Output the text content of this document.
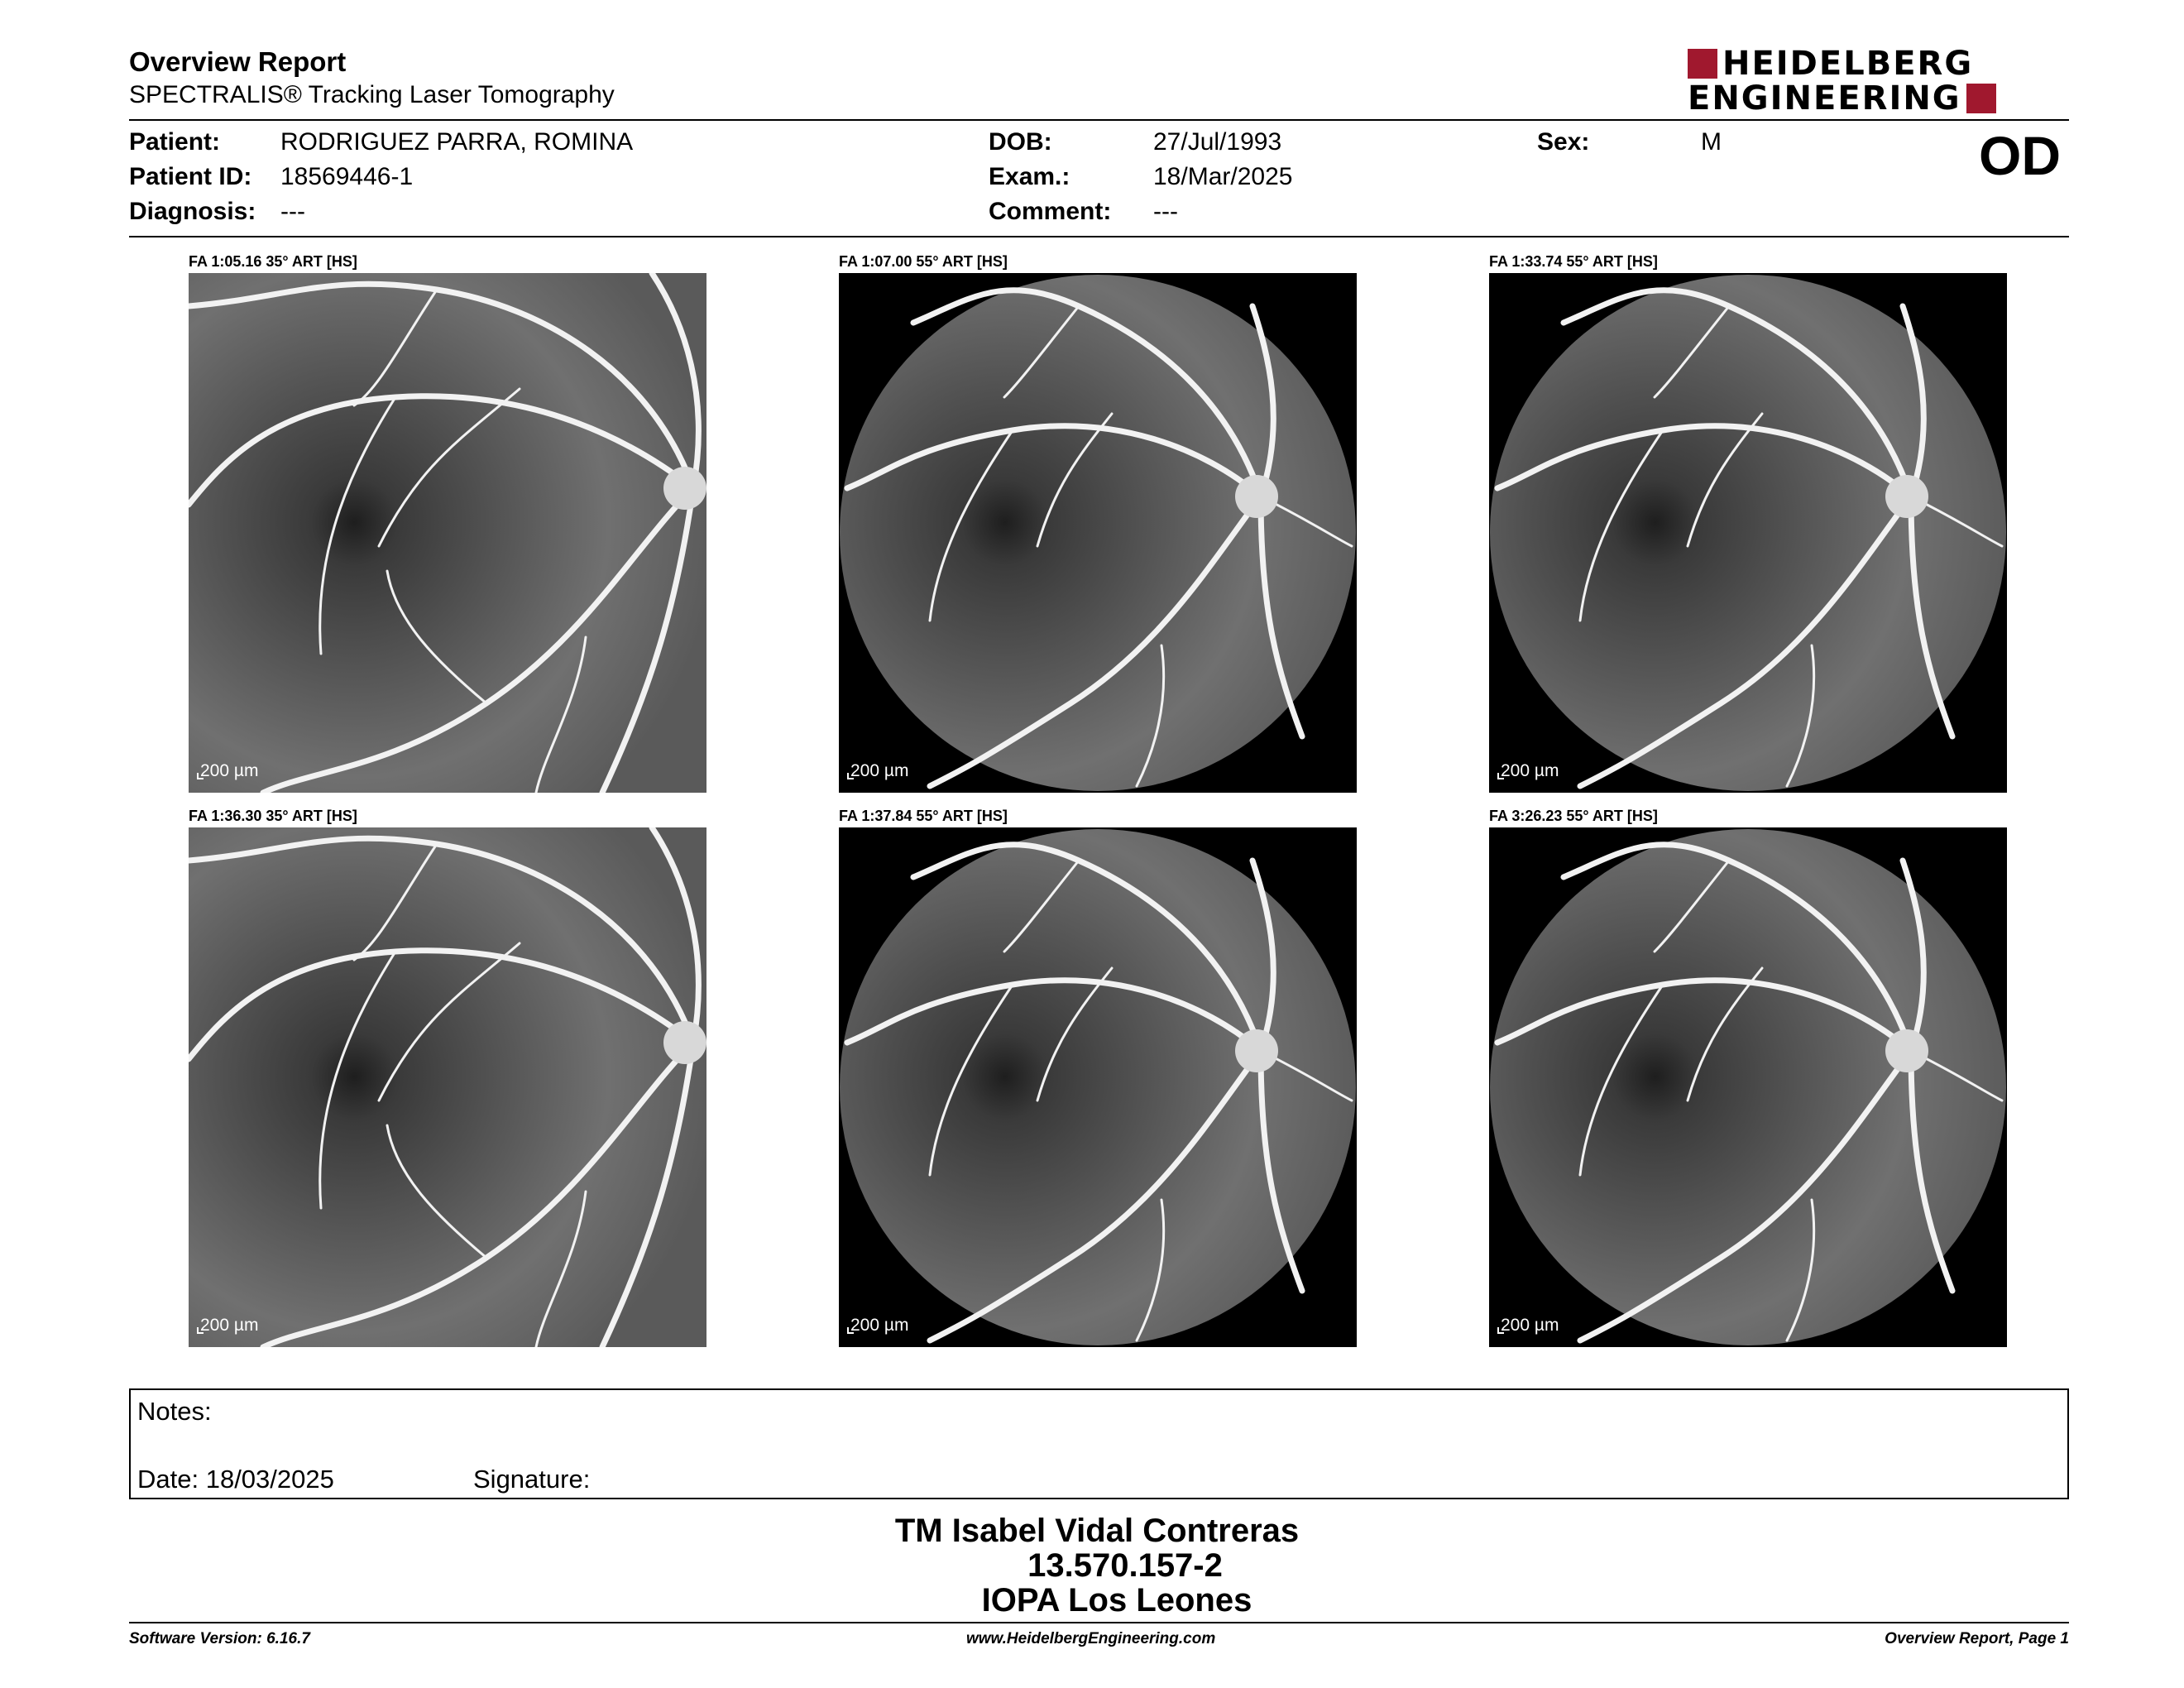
Overview Report
SPECTRALIS® Tracking Laser Tomography
HEIDELBERG
ENGINEERING
Patient: RODRIGUEZ PARRA, ROMINA
Patient ID: 18569446-1
Diagnosis: ---
DOB:	27/Jul/1993
Exam.:	18/Mar/2025
Comment: ---
Sex:	M	OD
FA 1:05.16 35° ART [HS]
200 µm
FA 1:07.00 55° ART [HS]
200 µm
FA 1:33.74 55° ART [HS]
200 µm
FA 1:36.30 35° ART [HS]
200 µm
FA 1:37.84 55° ART [HS]
200 µm
FA 3:26.23 55° ART [HS]
200 µm
Notes:
Date: 18/03/2025	Signature:
TM Isabel Vidal Contreras
13.570.157-2
IOPA Los Leones
Software Version: 6.16.7	www.HeidelbergEngineering.com	Overview Report, Page 1
